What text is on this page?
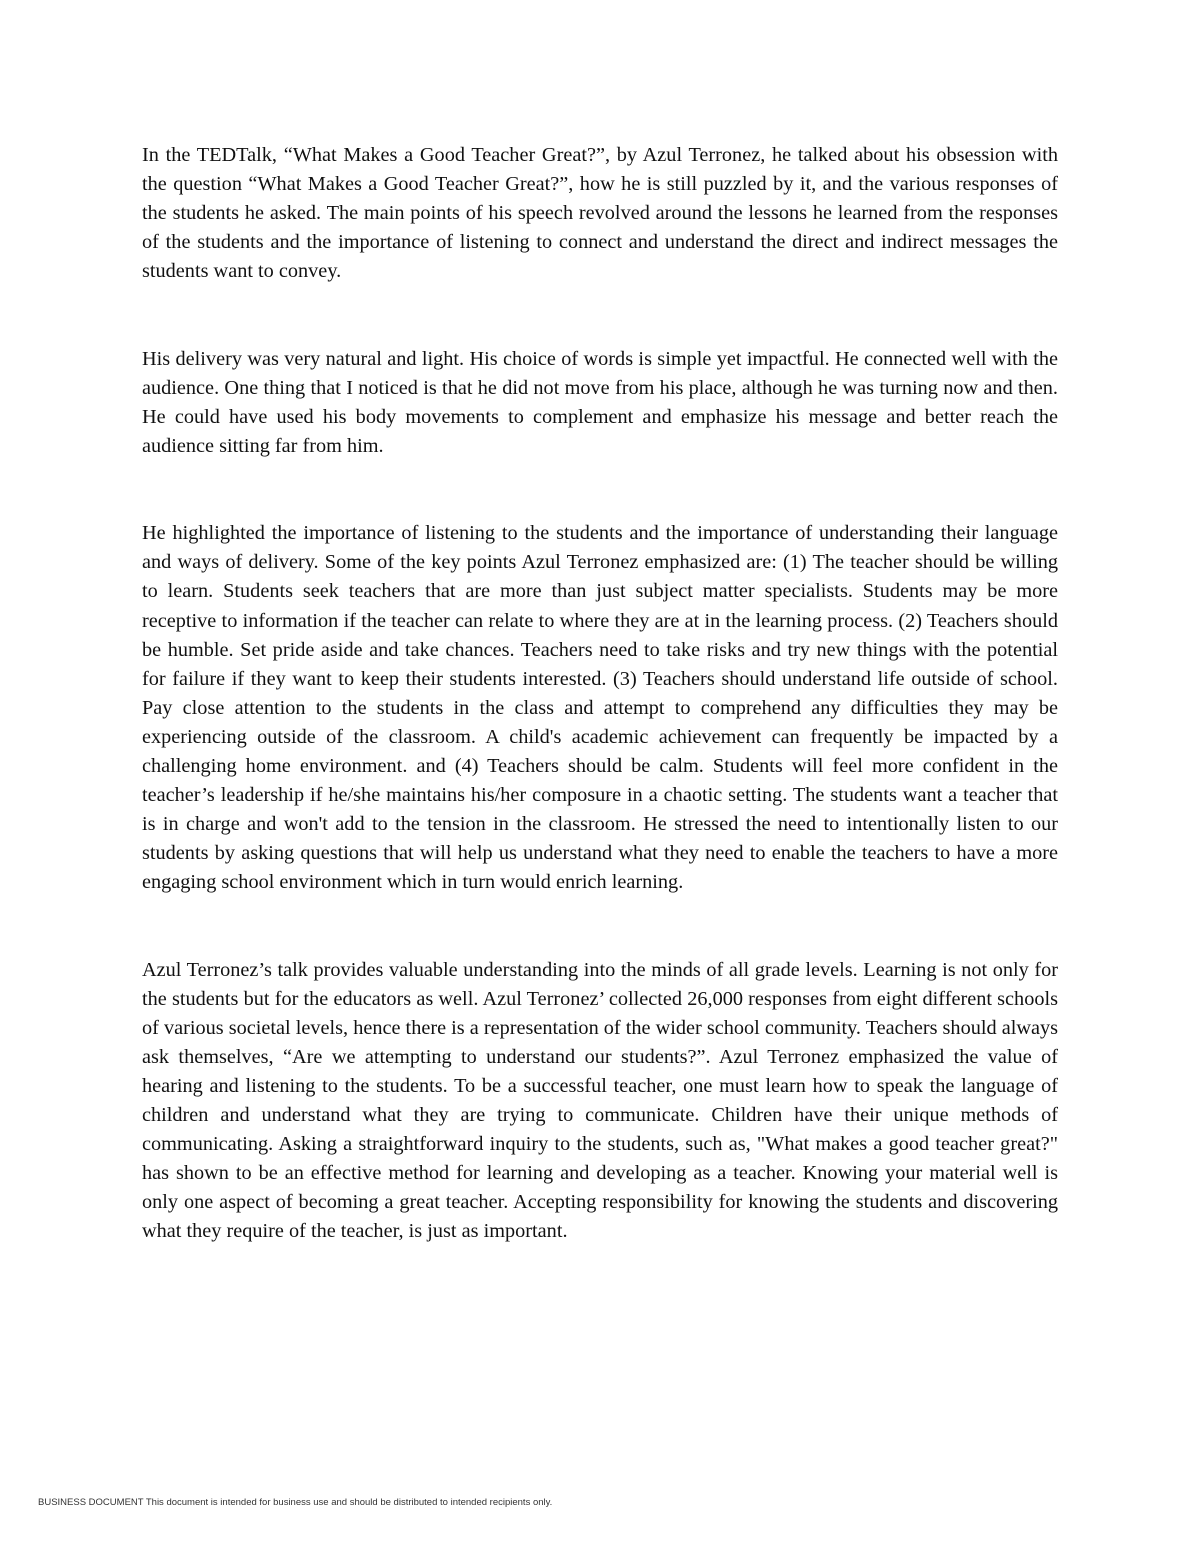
In the TEDTalk, “What Makes a Good Teacher Great?”, by Azul Terronez, he talked about his obsession with the question “What Makes a Good Teacher Great?”, how he is still puzzled by it, and the various responses of the students he asked. The main points of his speech revolved around the lessons he learned from the responses of the students and the importance of listening to connect and understand the direct and indirect messages the students want to convey.

His delivery was very natural and light. His choice of words is simple yet impactful. He connected well with the audience. One thing that I noticed is that he did not move from his place, although he was turning now and then. He could have used his body movements to complement and emphasize his message and better reach the audience sitting far from him.

He highlighted the importance of listening to the students and the importance of understanding their language and ways of delivery. Some of the key points Azul Terronez emphasized are: (1) The teacher should be willing to learn. Students seek teachers that are more than just subject matter specialists. Students may be more receptive to information if the teacher can relate to where they are at in the learning process. (2) Teachers should be humble. Set pride aside and take chances. Teachers need to take risks and try new things with the potential for failure if they want to keep their students interested. (3) Teachers should understand life outside of school. Pay close attention to the students in the class and attempt to comprehend any difficulties they may be experiencing outside of the classroom. A child's academic achievement can frequently be impacted by a challenging home environment. and (4) Teachers should be calm. Students will feel more confident in the teacher’s leadership if he/she maintains his/her composure in a chaotic setting. The students want a teacher that is in charge and won't add to the tension in the classroom. He stressed the need to intentionally listen to our students by asking questions that will help us understand what they need to enable the teachers to have a more engaging school environment which in turn would enrich learning.

Azul Terronez’s talk provides valuable understanding into the minds of all grade levels. Learning is not only for the students but for the educators as well. Azul Terronez’ collected 26,000 responses from eight different schools of various societal levels, hence there is a representation of the wider school community. Teachers should always ask themselves, “Are we attempting to understand our students?”. Azul Terronez emphasized the value of hearing and listening to the students. To be a successful teacher, one must learn how to speak the language of children and understand what they are trying to communicate. Children have their unique methods of communicating. Asking a straightforward inquiry to the students, such as, "What makes a good teacher great?" has shown to be an effective method for learning and developing as a teacher. Knowing your material well is only one aspect of becoming a great teacher. Accepting responsibility for knowing the students and discovering what they require of the teacher, is just as important.

BUSINESS DOCUMENT This document is intended for business use and should be distributed to intended recipients only.
